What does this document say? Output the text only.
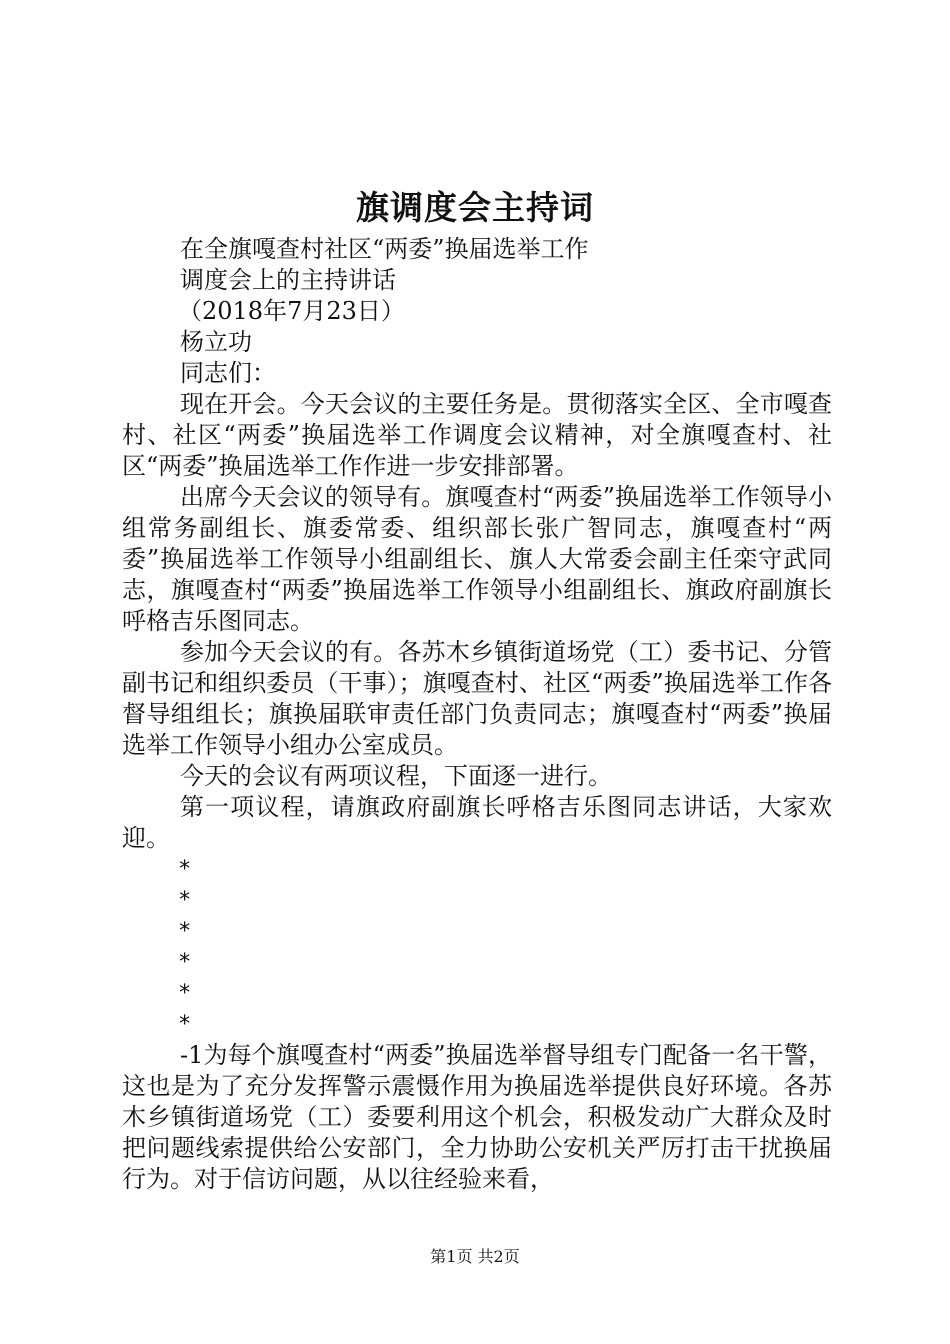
旗调度会主持词
在全旗嘎查村社区“两委”换届选举工作
调度会上的主持讲话
（2018年7月23日）
杨立功
同志们：

现在开会。今天会议的主要任务是。贯彻落实全区、全市嘎查村、社区“两委”换届选举工作调度会议精神，对全旗嘎查村、社区“两委”换届选举工作作进一步安排部署。

出席今天会议的领导有。旗嘎查村“两委”换届选举工作领导小组常务副组长、旗委常委、组织部长张广智同志，旗嘎查村“两委”换届选举工作领导小组副组长、旗人大常委会副主任栾守武同志，旗嘎查村“两委”换届选举工作领导小组副组长、旗政府副旗长呼格吉乐图同志。

参加今天会议的有。各苏木乡镇街道场党（工）委书记、分管副书记和组织委员（干事）；旗嘎查村、社区“两委”换届选举工作各督导组组长；旗换届联审责任部门负责同志；旗嘎查村“两委”换届选举工作领导小组办公室成员。

今天的会议有两项议程，下面逐一进行。

第一项议程，请旗政府副旗长呼格吉乐图同志讲话，大家欢迎。

*
*
*
*
*
*

-1为每个旗嘎查村“两委”换届选举督导组专门配备一名干警，这也是为了充分发挥警示震慑作用为换届选举提供良好环境。各苏木乡镇街道场党（工）委要利用这个机会，积极发动广大群众及时把问题线索提供给公安部门，全力协助公安机关严厉打击干扰换届行为。对于信访问题，从以往经验来看，

第1页 共2页
